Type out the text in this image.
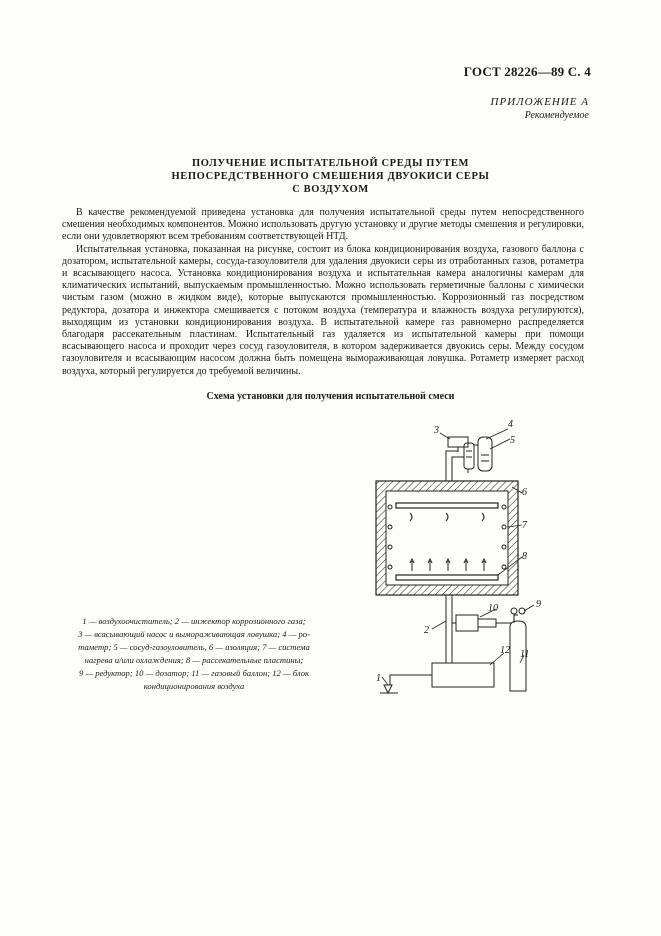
ГОСТ 28226—89 С. 4
ПРИЛОЖЕНИЕ А
Рекомендуемое
ПОЛУЧЕНИЕ ИСПЫТАТЕЛЬНОЙ СРЕДЫ ПУТЕМ
НЕПОСРЕДСТВЕННОГО СМЕШЕНИЯ ДВУОКИСИ СЕРЫ
С ВОЗДУХОМ

В качестве рекомендуемой приведена установка для получения испытательной среды путем непосредственного смешения необходимых компонентов. Можно использовать другую установку и другие методы смешения и регулировки, если они удовлетворяют всем требованиям соответствующей НТД.

Испытательная установка, показанная на рисунке, состоит из блока кондиционирования воздуха, газового баллона с дозатором, испытательной камеры, сосуда-газоуловителя для удаления двуокиси серы из отработанных газов, ротаметра и всасывающего насоса. Установка кондиционирования воздуха и испытательная камера аналогичны камерам для климатических испытаний, выпускаемым промышленностью. Можно использовать герметичные баллоны с химически чистым газом (можно в жидком виде), которые выпускаются промышленностью. Коррозионный газ посредством редуктора, дозатора и инжектора смешивается с потоком воздуха (температура и влажность воздуха регулируются), выходящим из установки кондиционирования воздуха. В испытательной камере газ равномерно распределяется благодаря рассекательным пластинам. Испытательный газ удаляется из испытательной камеры при помощи всасывающего насоса и проходит через сосуд газоуловителя, в котором задерживается двуокись серы. Между сосудом газоуловителя и всасывающим насосом должна быть помещена вымораживающая ловушка. Ротаметр измеряет расход воздуха, который регулируется до требуемой величины.

Схема установки для получения испытательной смеси
1 — воздухоочиститель; 2 — инжектор коррозионного газа;
3 — всасывающий насос и вымораживающая ловушка; 4 — ро-
таметр; 5 — сосуд-газоуловитель, 6 — изоляция; 7 — система
нагрева и/или охлаждения; 8 — рассекательные пластины;
9 — редуктор; 10 — дозатор; 11 — газовый баллон; 12 — блок
кондиционирования воздуха
1
2
3
4
5
6
7
8
9
10
11
12
